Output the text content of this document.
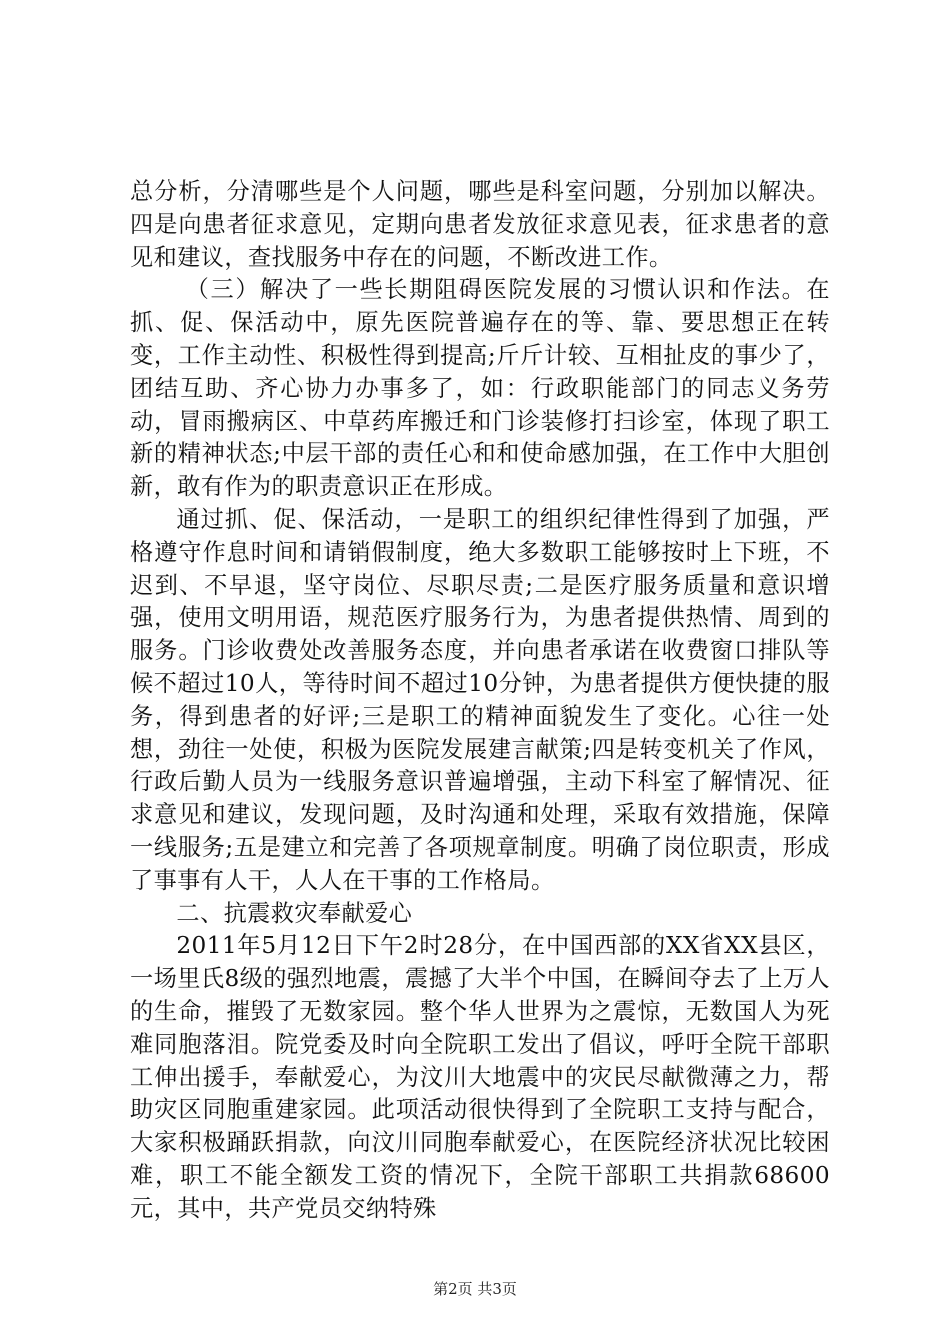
总分析，分清哪些是个人问题，哪些是科室问题，分别加以解决。四是向患者征求意见，定期向患者发放征求意见表，征求患者的意见和建议，查找服务中存在的问题，不断改进工作。

（三）解决了一些长期阻碍医院发展的习惯认识和作法。在抓、促、保活动中，原先医院普遍存在的等、靠、要思想正在转变，工作主动性、积极性得到提高;斤斤计较、互相扯皮的事少了，团结互助、齐心协力办事多了，如：行政职能部门的同志义务劳动，冒雨搬病区、中草药库搬迁和门诊装修打扫诊室，体现了职工新的精神状态;中层干部的责任心和和使命感加强，在工作中大胆创新，敢有作为的职责意识正在形成。

通过抓、促、保活动，一是职工的组织纪律性得到了加强，严格遵守作息时间和请销假制度，绝大多数职工能够按时上下班，不迟到、不早退，坚守岗位、尽职尽责;二是医疗服务质量和意识增强，使用文明用语，规范医疗服务行为，为患者提供热情、周到的服务。门诊收费处改善服务态度，并向患者承诺在收费窗口排队等候不超过10人，等待时间不超过10分钟，为患者提供方便快捷的服务，得到患者的好评;三是职工的精神面貌发生了变化。心往一处想，劲往一处使，积极为医院发展建言献策;四是转变机关了作风，行政后勤人员为一线服务意识普遍增强，主动下科室了解情况、征求意见和建议，发现问题，及时沟通和处理，采取有效措施，保障一线服务;五是建立和完善了各项规章制度。明确了岗位职责，形成了事事有人干，人人在干事的工作格局。

二、抗震救灾奉献爱心

2011年5月12日下午2时28分，在中国西部的XX省XX县区，一场里氏8级的强烈地震，震撼了大半个中国，在瞬间夺去了上万人的生命，摧毁了无数家园。整个华人世界为之震惊，无数国人为死难同胞落泪。院党委及时向全院职工发出了倡议，呼吁全院干部职工伸出援手，奉献爱心，为汶川大地震中的灾民尽献微薄之力，帮助灾区同胞重建家园。此项活动很快得到了全院职工支持与配合，大家积极踊跃捐款，向汶川同胞奉献爱心，在医院经济状况比较困难，职工不能全额发工资的情况下，全院干部职工共捐款68600元，其中，共产党员交纳特殊

第2页 共3页
